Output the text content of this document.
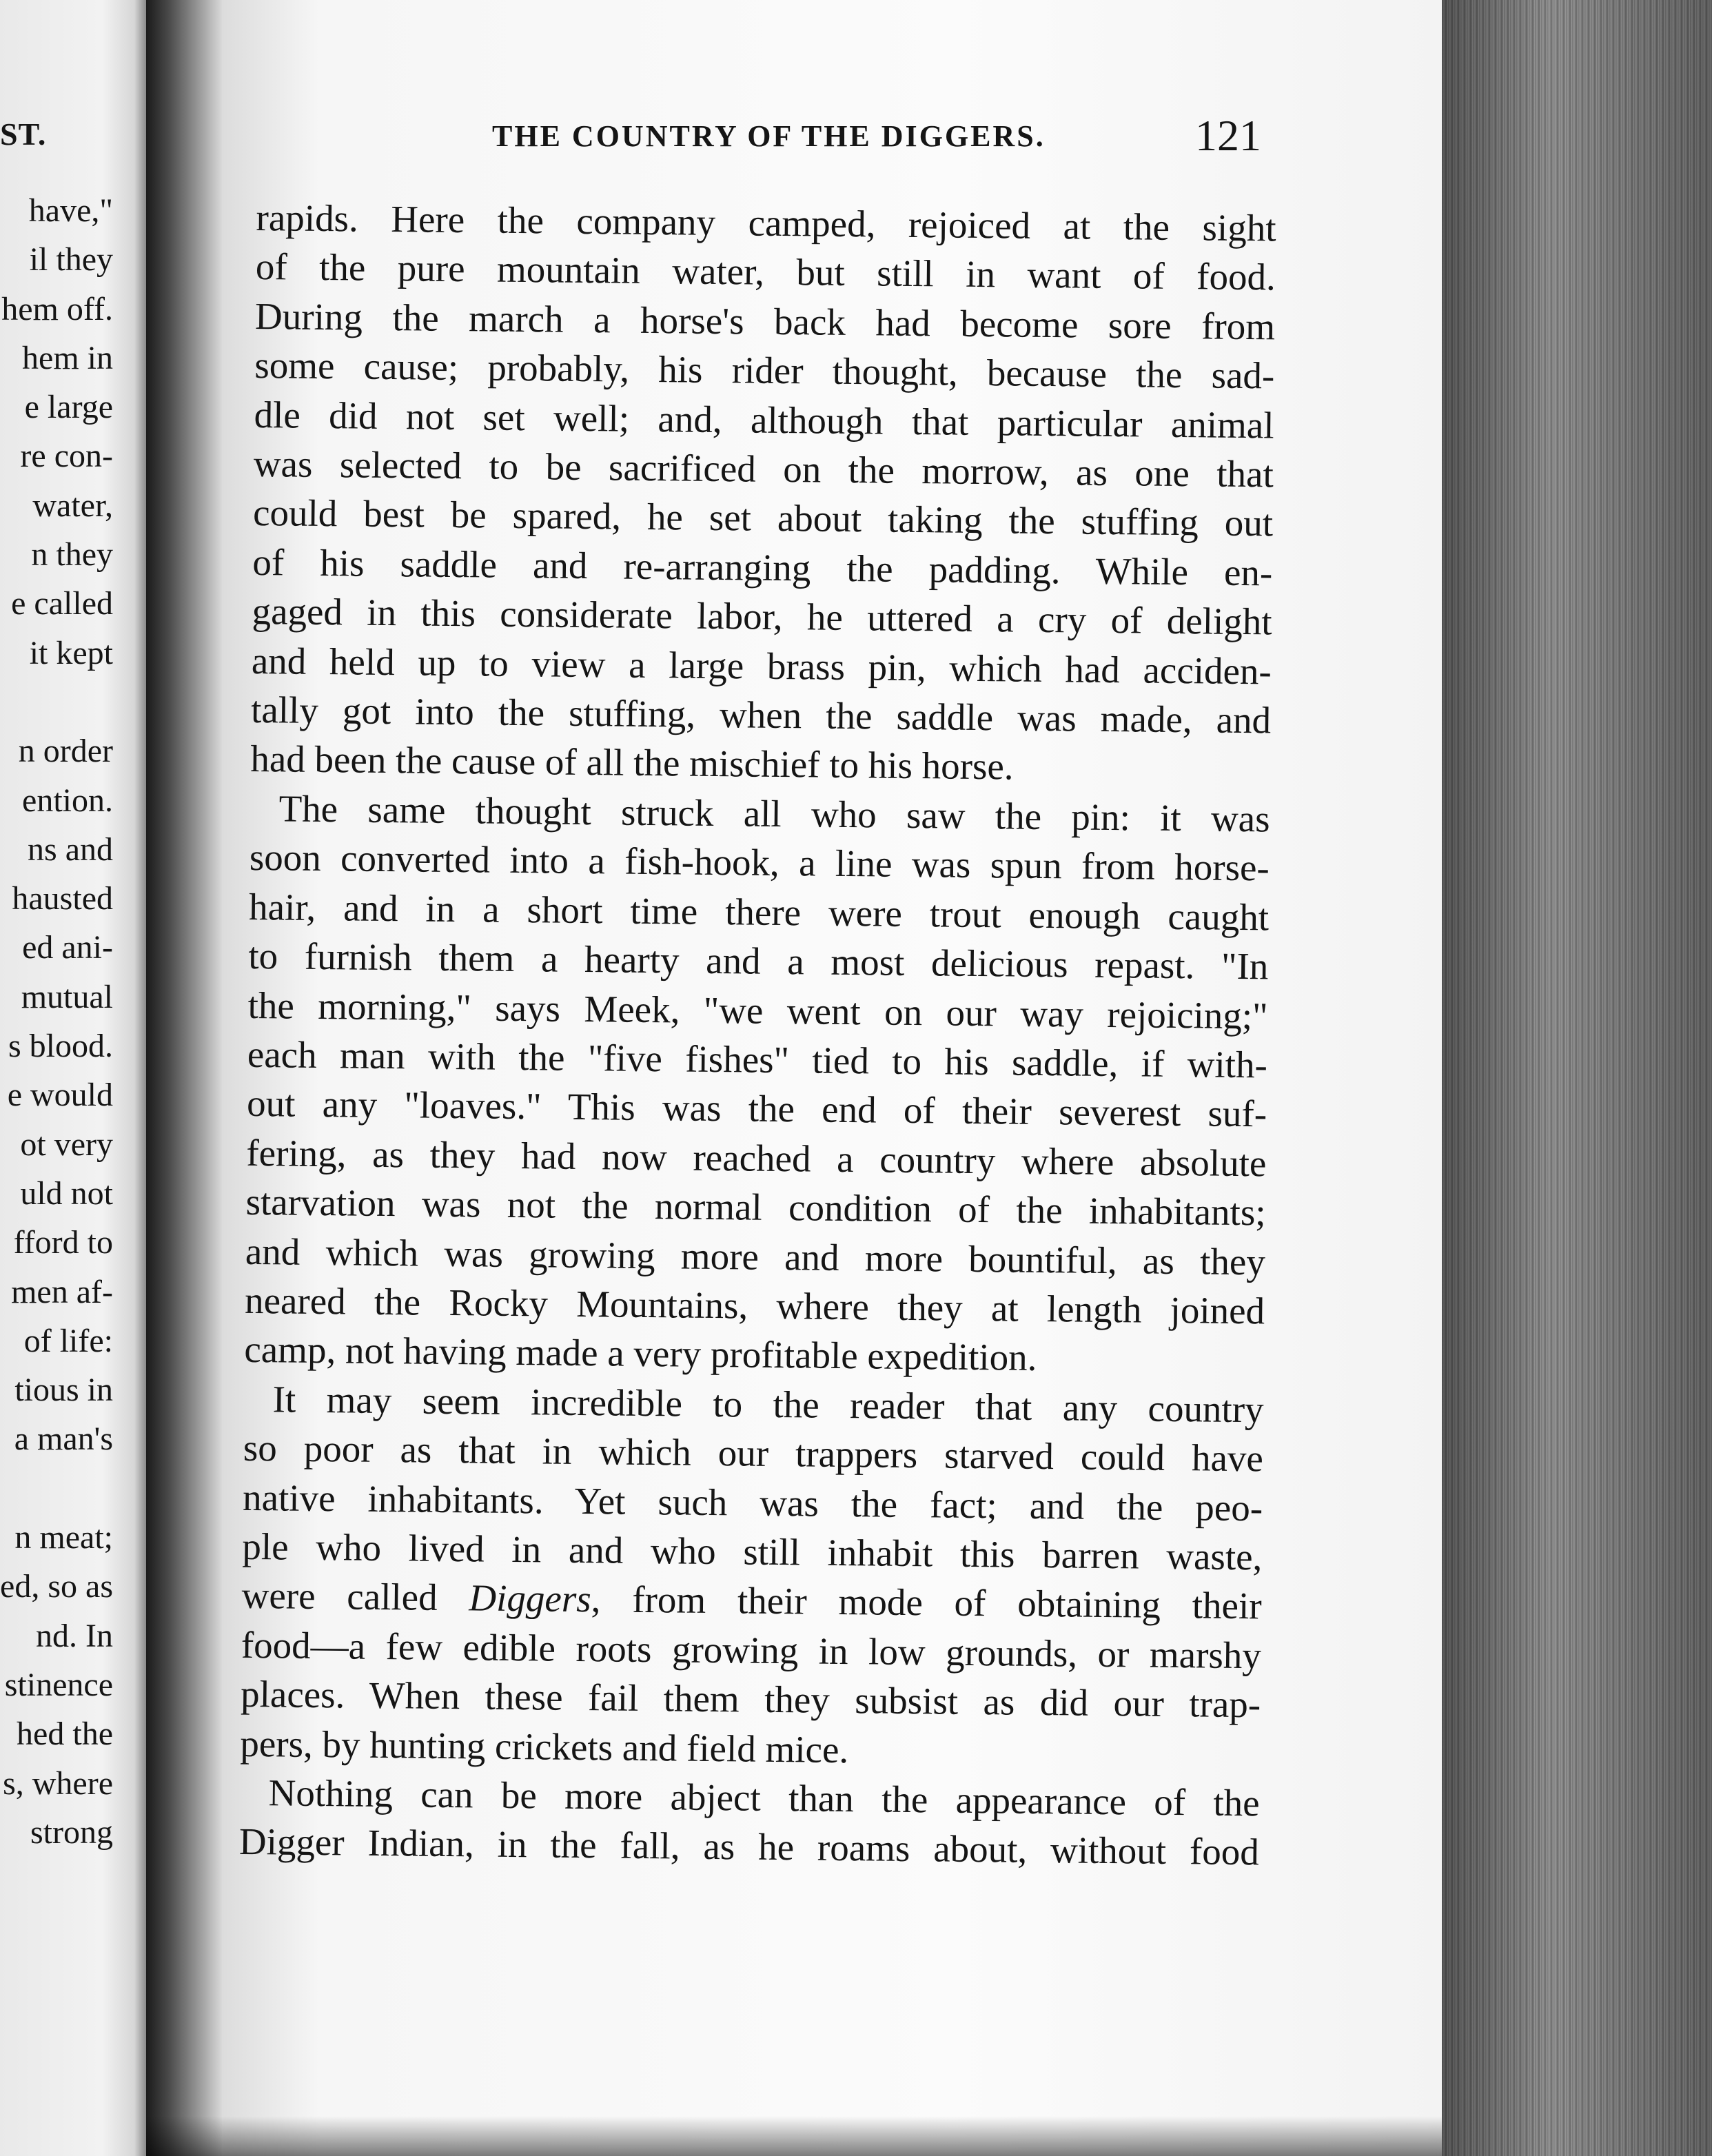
ST.
have,"
il they
hem off.
hem in
e large
re con-
water,
n they
e called
it kept

n order
ention.
ns and
hausted
ed ani-
mutual
s blood.
e would
ot very
uld not
fford to
men af-
of life:
tious in
a man's

n meat;
ed, so as
nd. In
stinence
hed the
s, where
strong
THE COUNTRY OF THE DIGGERS.	121
rapids. Here the company camped, rejoiced at the sight
of the pure mountain water, but still in want of food.
During the march a horse's back had become sore from
some cause; probably, his rider thought, because the sad-
dle did not set well; and, although that particular animal
was selected to be sacrificed on the morrow, as one that
could best be spared, he set about taking the stuffing out
of his saddle and re-arranging the padding. While en-
gaged in this considerate labor, he uttered a cry of delight
and held up to view a large brass pin, which had acciden-
tally got into the stuffing, when the saddle was made, and
had been the cause of all the mischief to his horse.
The same thought struck all who saw the pin: it was
soon converted into a fish-hook, a line was spun from horse-
hair, and in a short time there were trout enough caught
to furnish them a hearty and a most delicious repast. "In
the morning," says Meek, "we went on our way rejoicing;"
each man with the "five fishes" tied to his saddle, if with-
out any "loaves." This was the end of their severest suf-
fering, as they had now reached a country where absolute
starvation was not the normal condition of the inhabitants;
and which was growing more and more bountiful, as they
neared the Rocky Mountains, where they at length joined
camp, not having made a very profitable expedition.
It may seem incredible to the reader that any country
so poor as that in which our trappers starved could have
native inhabitants. Yet such was the fact; and the peo-
ple who lived in and who still inhabit this barren waste,
were called Diggers, from their mode of obtaining their
food—a few edible roots growing in low grounds, or marshy
places. When these fail them they subsist as did our trap-
pers, by hunting crickets and field mice.
Nothing can be more abject than the appearance of the
Digger Indian, in the fall, as he roams about, without food
